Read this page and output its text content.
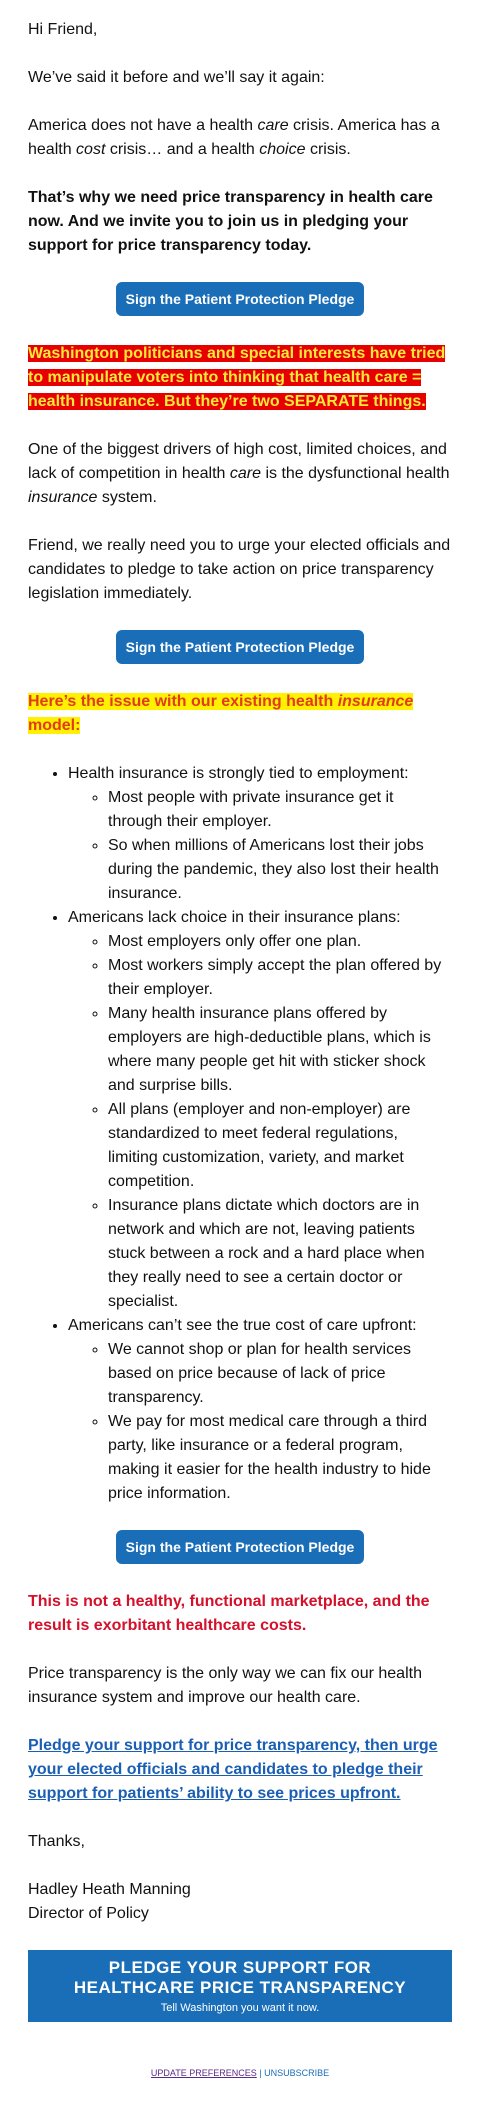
Hi Friend,

We’ve said it before and we’ll say it again:

America does not have a health care crisis. America has a health cost crisis… and a health choice crisis.

That’s why we need price transparency in health care now. And we invite you to join us in pledging your support for price transparency today.

Sign the Patient Protection Pledge

Washington politicians and special interests have tried to manipulate voters into thinking that health care = health insurance. But they’re two SEPARATE things.

One of the biggest drivers of high cost, limited choices, and lack of competition in health care is the dysfunctional health insurance system.

Friend, we really need you to urge your elected officials and candidates to pledge to take action on price transparency legislation immediately.

Sign the Patient Protection Pledge

Here’s the issue with our existing health insurance model:

• Health insurance is strongly tied to employment:
◦ Most people with private insurance get it through their employer.
◦ So when millions of Americans lost their jobs during the pandemic, they also lost their health insurance.
• Americans lack choice in their insurance plans:
◦ Most employers only offer one plan.
◦ Most workers simply accept the plan offered by their employer.
◦ Many health insurance plans offered by employers are high-deductible plans, which is where many people get hit with sticker shock and surprise bills.
◦ All plans (employer and non-employer) are standardized to meet federal regulations, limiting customization, variety, and market competition.
◦ Insurance plans dictate which doctors are in network and which are not, leaving patients stuck between a rock and a hard place when they really need to see a certain doctor or specialist.
• Americans can’t see the true cost of care upfront:
◦ We cannot shop or plan for health services based on price because of lack of price transparency.
◦ We pay for most medical care through a third party, like insurance or a federal program, making it easier for the health industry to hide price information.
Sign the Patient Protection Pledge

This is not a healthy, functional marketplace, and the result is exorbitant healthcare costs.

Price transparency is the only way we can fix our health insurance system and improve our health care.

Pledge your support for price transparency, then urge your elected officials and candidates to pledge their support for patients’ ability to see prices upfront.

Thanks,

Hadley Heath Manning
Director of Policy

PLEDGE YOUR SUPPORT FOR
HEALTHCARE PRICE TRANSPARENCY
Tell Washington you want it now.
UPDATE PREFERENCES | UNSUBSCRIBE
